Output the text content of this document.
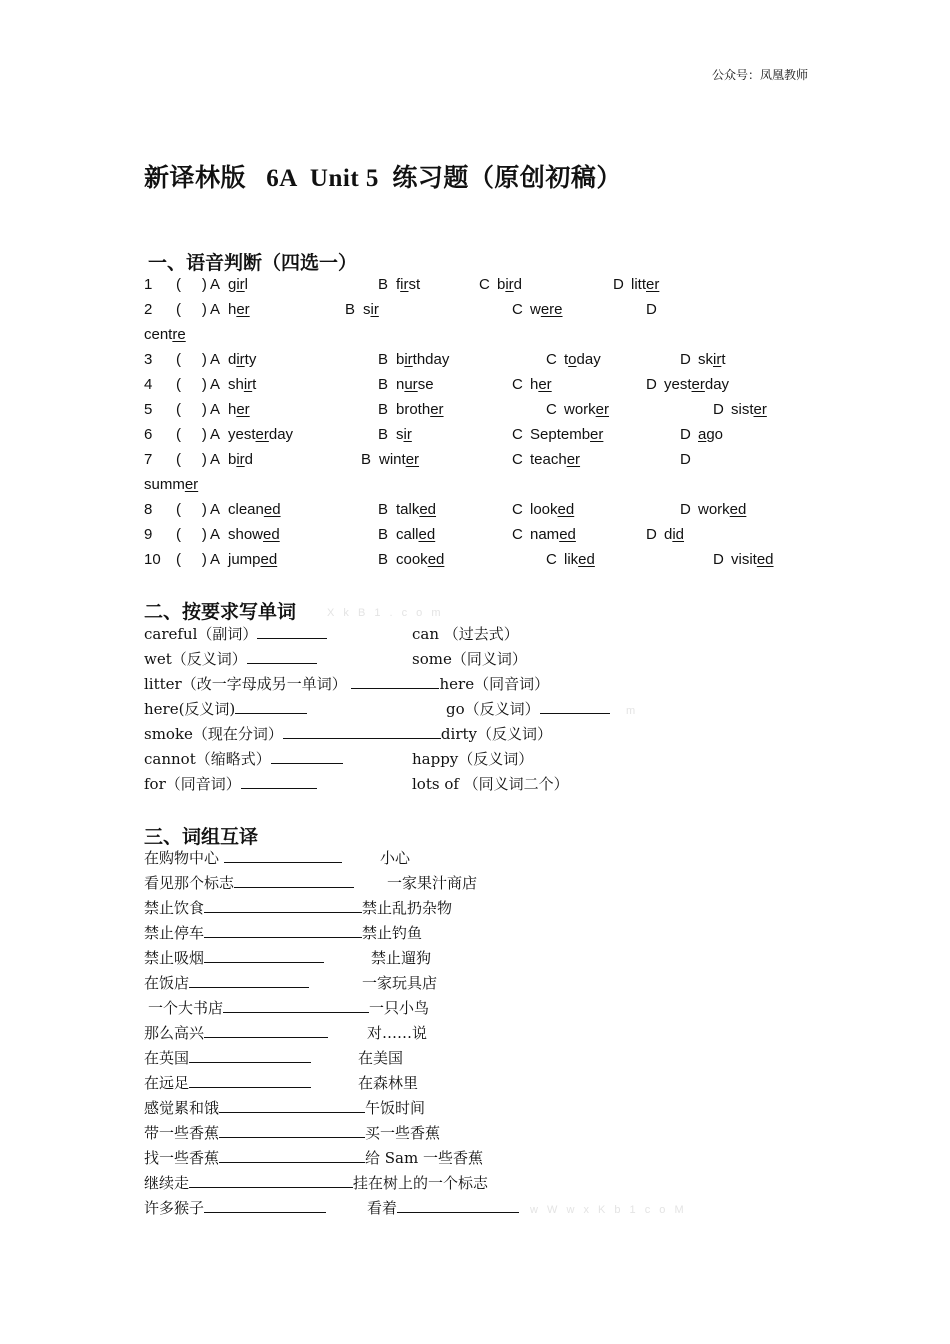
公众号：凤凰教师
新译林版   6A  Unit 5  练习题（原创初稿）
一、语音判断（四选一）
1 (     ) A girl	B first	C bird	D litter
2 (     ) A her	B sir	C were	D
centre
3 (     ) A dirty	B birthday	C today	D skirt
4 (     ) A shirt	B nurse	C her	D yesterday
5 (     ) A her	B brother	C worker	D sister
6 (     ) A yesterday	B sir	C September	D ago
7 (     ) A bird	B winter	C teacher	D
summer
8 (     ) A cleaned	B talked	C looked	D worked
9 (     ) A showed	B called	C named	D did
10 (     ) A jumped	B cooked	C liked	D visited
二、按要求写单词	X k B 1 . c o m
careful（副词）	can （过去式）
wet（反义词）	some（同义词）
litter（改一字母成另一单词）	here（同音词）
here(反义词)	go（反义词）	m
smoke（现在分词）	dirty（反义词）
cannot（缩略式）	happy（反义词）
for（同音词）	lots of （同义词二个）
三、词组互译
在购物中心	小心
看见那个标志	一家果汁商店
禁止饮食	禁止乱扔杂物
禁止停车	禁止钓鱼
禁止吸烟	禁止遛狗
在饭店	一家玩具店
一个大书店	一只小鸟
那么高兴	对……说
在英国	在美国
在远足	在森林里
感觉累和饿	午饭时间
带一些香蕉	买一些香蕉
找一些香蕉	给 Sam 一些香蕉
继续走	挂在树上的一个标志
许多猴子	看着	w W w x K b 1 c o M
